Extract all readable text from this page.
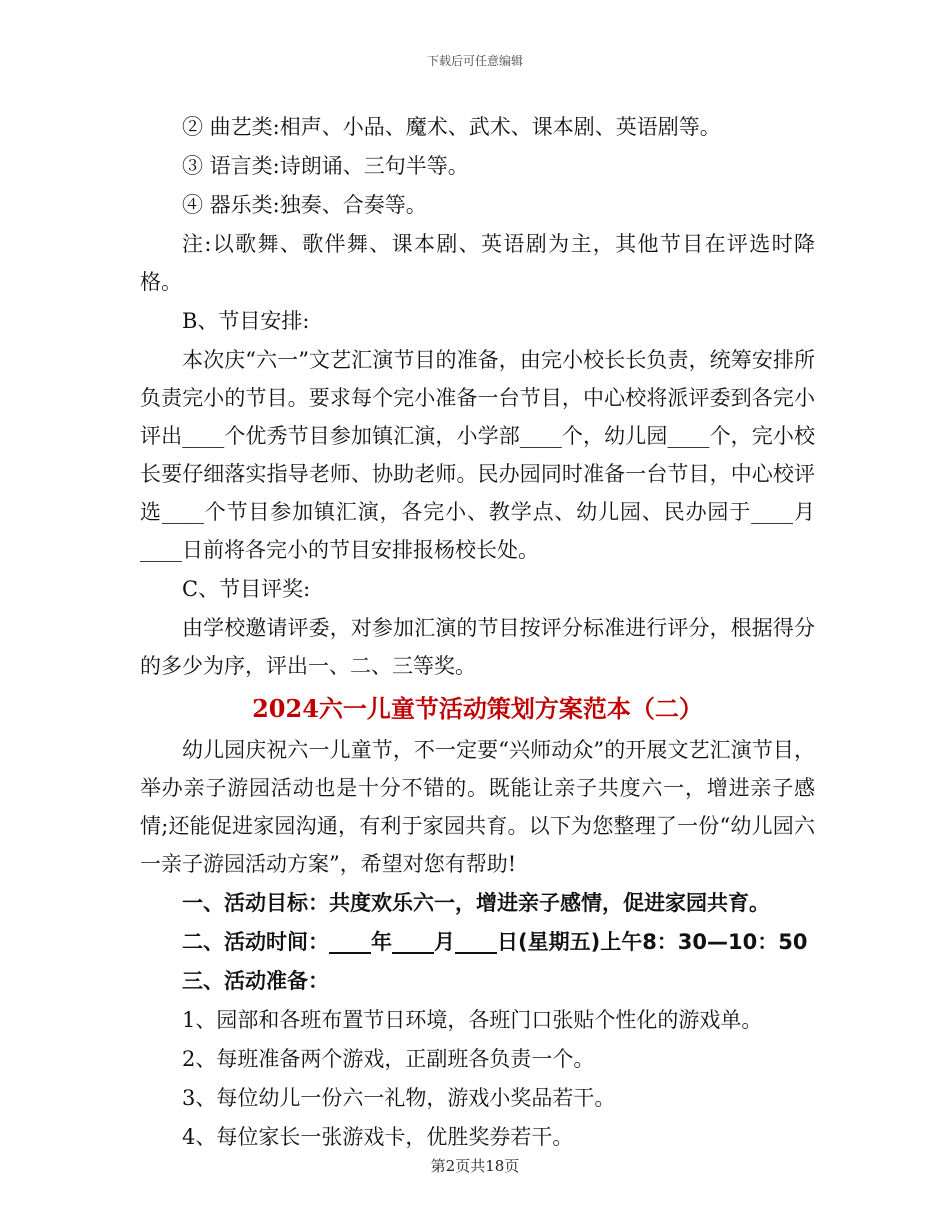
下载后可任意编辑

② 曲艺类:相声、小品、魔术、武术、课本剧、英语剧等。

③ 语言类:诗朗诵、三句半等。

④ 器乐类:独奏、合奏等。

注:以歌舞、歌伴舞、课本剧、英语剧为主，其他节目在评选时降格。

B、节目安排:

本次庆“六一”文艺汇演节目的准备，由完小校长长负责，统筹安排所负责完小的节目。要求每个完小准备一台节目，中心校将派评委到各完小评出____个优秀节目参加镇汇演，小学部____个，幼儿园____个，完小校长要仔细落实指导老师、协助老师。民办园同时准备一台节目，中心校评选____个节目参加镇汇演，各完小、教学点、幼儿园、民办园于____月____日前将各完小的节目安排报杨校长处。

C、节目评奖:

由学校邀请评委，对参加汇演的节目按评分标准进行评分，根据得分的多少为序，评出一、二、三等奖。

2024六一儿童节活动策划方案范本（二）

幼儿园庆祝六一儿童节，不一定要“兴师动众”的开展文艺汇演节目，举办亲子游园活动也是十分不错的。既能让亲子共度六一，增进亲子感情;还能促进家园沟通，有利于家园共育。以下为您整理了一份“幼儿园六一亲子游园活动方案”，希望对您有帮助!

一、活动目标：共度欢乐六一，增进亲子感情，促进家园共育。

二、活动时间：____年____月____日(星期五)上午8：30—10：50

三、活动准备：

1、园部和各班布置节日环境，各班门口张贴个性化的游戏单。

2、每班准备两个游戏，正副班各负责一个。

3、每位幼儿一份六一礼物，游戏小奖品若干。

4、每位家长一张游戏卡，优胜奖券若干。

第2页共18页
